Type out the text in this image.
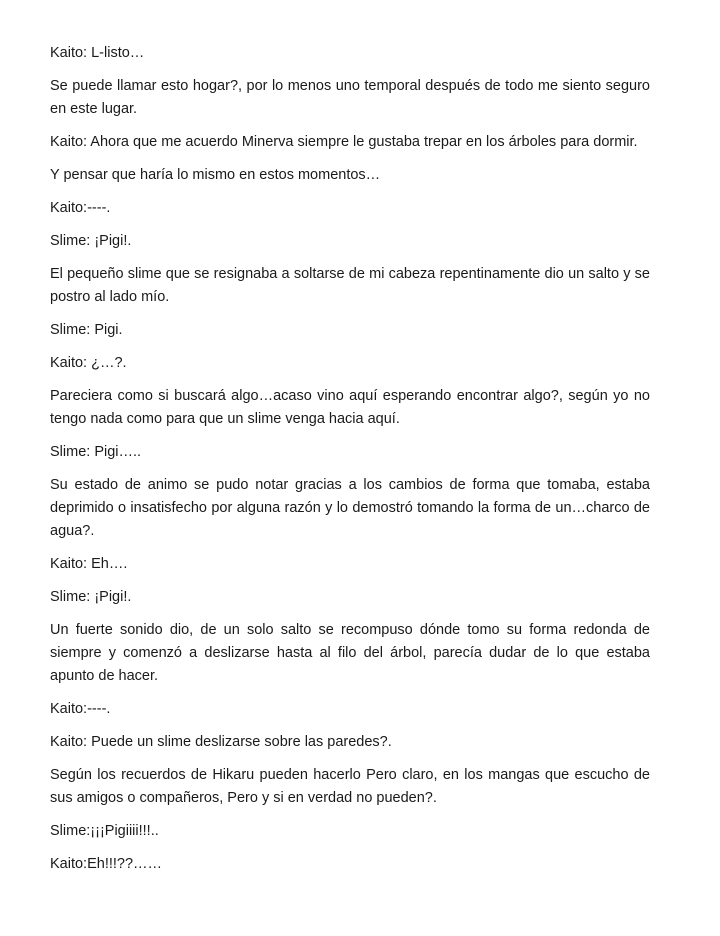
Kaito: L-listo…

Se puede llamar esto hogar?, por lo menos uno temporal después de todo me siento seguro en este lugar.

Kaito: Ahora que me acuerdo Minerva siempre le gustaba trepar en los árboles para dormir.

Y pensar que haría lo mismo en estos momentos…

Kaito:----.

Slime: ¡Pigi!.

El pequeño slime que se resignaba a soltarse de mi cabeza repentinamente dio un salto y se postro al lado mío.

Slime: Pigi.

Kaito: ¿…?.

Pareciera como si buscará algo…acaso vino aquí esperando encontrar algo?, según yo no tengo nada como para que un slime venga hacia aquí.

Slime: Pigi…..

Su estado de animo se pudo notar gracias a los cambios de forma que tomaba, estaba deprimido o insatisfecho por alguna razón y lo demostró tomando la forma de un…charco de agua?.

Kaito: Eh….

Slime: ¡Pigi!.

Un fuerte sonido dio, de un solo salto se recompuso dónde tomo su forma redonda de siempre y comenzó a deslizarse hasta al filo del árbol, parecía dudar de lo que estaba apunto de hacer.

Kaito:----.

Kaito: Puede un slime deslizarse sobre las paredes?.

Según los recuerdos de Hikaru pueden hacerlo Pero claro, en los mangas que escucho de sus amigos o compañeros, Pero y si en verdad no pueden?.

Slime:¡¡¡Pigiiii!!!..

Kaito:Eh!!!??……
